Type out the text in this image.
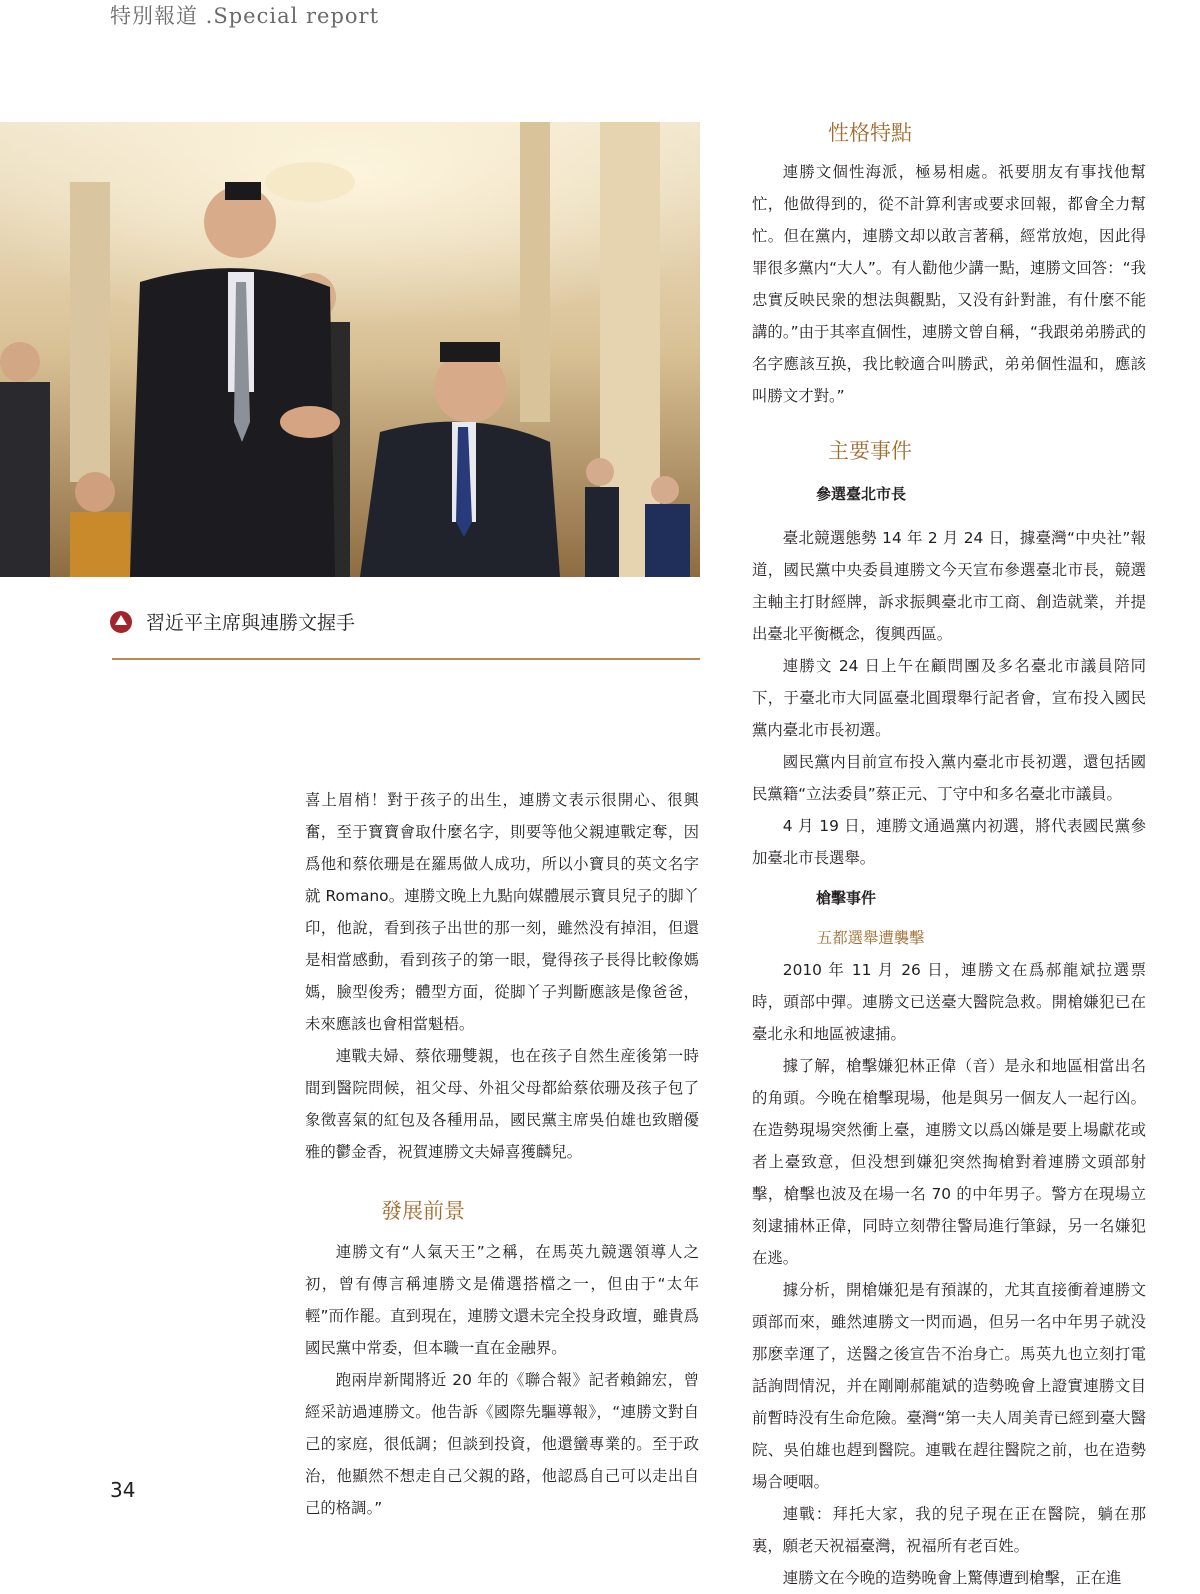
特別報道 .Special report
習近平主席與連勝文握手

喜上眉梢！對于孩子的出生，連勝文表示很開心、很興奮，至于寶寶會取什麼名字，則要等他父親連戰定奪，因爲他和蔡依珊是在羅馬做人成功，所以小寶貝的英文名字就 Romano。連勝文晚上九點向媒體展示寶貝兒子的脚丫印，他說，看到孩子出世的那一刻，雖然没有掉泪，但還是相當感動，看到孩子的第一眼，覺得孩子長得比較像媽媽，臉型俊秀；體型方面，從脚丫子判斷應該是像爸爸，未來應該也會相當魁梧。

連戰夫婦、蔡依珊雙親，也在孩子自然生産後第一時間到醫院問候，祖父母、外祖父母都給蔡依珊及孩子包了象徵喜氣的紅包及各種用品，國民黨主席吳伯雄也致贈優雅的鬱金香，祝賀連勝文夫婦喜獲麟兒。

發展前景

連勝文有“人氣天王”之稱，在馬英九競選領導人之初，曾有傳言稱連勝文是備選搭檔之一，但由于“太年輕”而作罷。直到現在，連勝文還未完全投身政壇，雖貴爲國民黨中常委，但本職一直在金融界。

跑兩岸新聞將近 20 年的《聯合報》記者賴錦宏，曾經采訪過連勝文。他告訴《國際先驅導報》，“連勝文對自己的家庭，很低調；但談到投資，他還蠻專業的。至于政治，他顯然不想走自己父親的路，他認爲自己可以走出自己的格調。”

性格特點

連勝文個性海派，極易相處。祇要朋友有事找他幫忙，他做得到的，從不計算利害或要求回報，都會全力幫忙。但在黨内，連勝文却以敢言著稱，經常放炮，因此得罪很多黨内“大人”。有人勸他少講一點，連勝文回答：“我忠實反映民衆的想法與觀點，又没有針對誰，有什麼不能講的。”由于其率直個性，連勝文曾自稱，“我跟弟弟勝武的名字應該互换，我比較適合叫勝武，弟弟個性温和，應該叫勝文才對。”

主要事件

參選臺北市長

臺北競選態勢 14 年 2 月 24 日，據臺灣“中央社”報道，國民黨中央委員連勝文今天宣布參選臺北市長，競選主軸主打財經牌，訴求振興臺北市工商、創造就業，并提出臺北平衡概念，復興西區。

連勝文 24 日上午在顧問團及多名臺北市議員陪同下，于臺北市大同區臺北圓環舉行記者會，宣布投入國民黨内臺北市長初選。

國民黨内目前宣布投入黨内臺北市長初選，還包括國民黨籍“立法委員”蔡正元、丁守中和多名臺北市議員。

4 月 19 日，連勝文通過黨内初選，將代表國民黨參加臺北市長選舉。

槍擊事件

五都選舉遭襲擊

2010 年 11 月 26 日，連勝文在爲郝龍斌拉選票時，頭部中彈。連勝文已送臺大醫院急救。開槍嫌犯已在臺北永和地區被逮捕。

據了解，槍擊嫌犯林正偉（音）是永和地區相當出名的角頭。今晚在槍擊現場，他是與另一個友人一起行凶。在造勢現場突然衝上臺，連勝文以爲凶嫌是要上場獻花或者上臺致意，但没想到嫌犯突然掏槍對着連勝文頭部射擊，槍擊也波及在場一名 70 的中年男子。警方在現場立刻逮捕林正偉，同時立刻帶往警局進行筆録，另一名嫌犯在逃。

據分析，開槍嫌犯是有預謀的，尤其直接衝着連勝文頭部而來，雖然連勝文一閃而過，但另一名中年男子就没那麽幸運了，送醫之後宣告不治身亡。馬英九也立刻打電話詢問情況，并在剛剛郝龍斌的造勢晚會上證實連勝文目前暫時没有生命危險。臺灣“第一夫人周美青已經到臺大醫院、吳伯雄也趕到醫院。連戰在趕往醫院之前，也在造勢場合哽咽。

連戰：拜托大家，我的兒子現在正在醫院，躺在那裏，願老天祝福臺灣，祝福所有老百姓。

連勝文在今晚的造勢晚會上驚傳遭到槍擊，正在進

34
